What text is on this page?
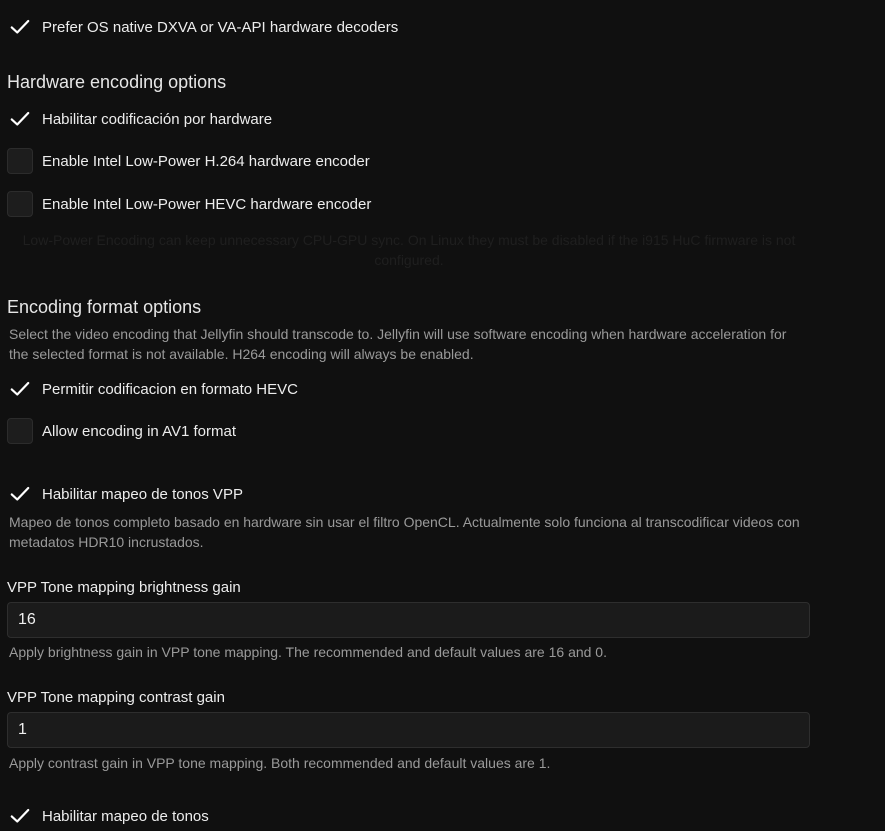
Prefer OS native DXVA or VA-API hardware decoders
Hardware encoding options
Habilitar codificación por hardware
Enable Intel Low-Power H.264 hardware encoder
Enable Intel Low-Power HEVC hardware encoder
Low-Power Encoding can keep unnecessary CPU-GPU sync. On Linux they must be disabled if the i915 HuC firmware is not configured.
Encoding format options
Select the video encoding that Jellyfin should transcode to. Jellyfin will use software encoding when hardware acceleration for the selected format is not available. H264 encoding will always be enabled.
Permitir codificacion en formato HEVC
Allow encoding in AV1 format
Habilitar mapeo de tonos VPP
Mapeo de tonos completo basado en hardware sin usar el filtro OpenCL. Actualmente solo funciona al transcodificar videos con metadatos HDR10 incrustados.
VPP Tone mapping brightness gain
16
Apply brightness gain in VPP tone mapping. The recommended and default values are 16 and 0.
VPP Tone mapping contrast gain
1
Apply contrast gain in VPP tone mapping. Both recommended and default values are 1.
Habilitar mapeo de tonos
